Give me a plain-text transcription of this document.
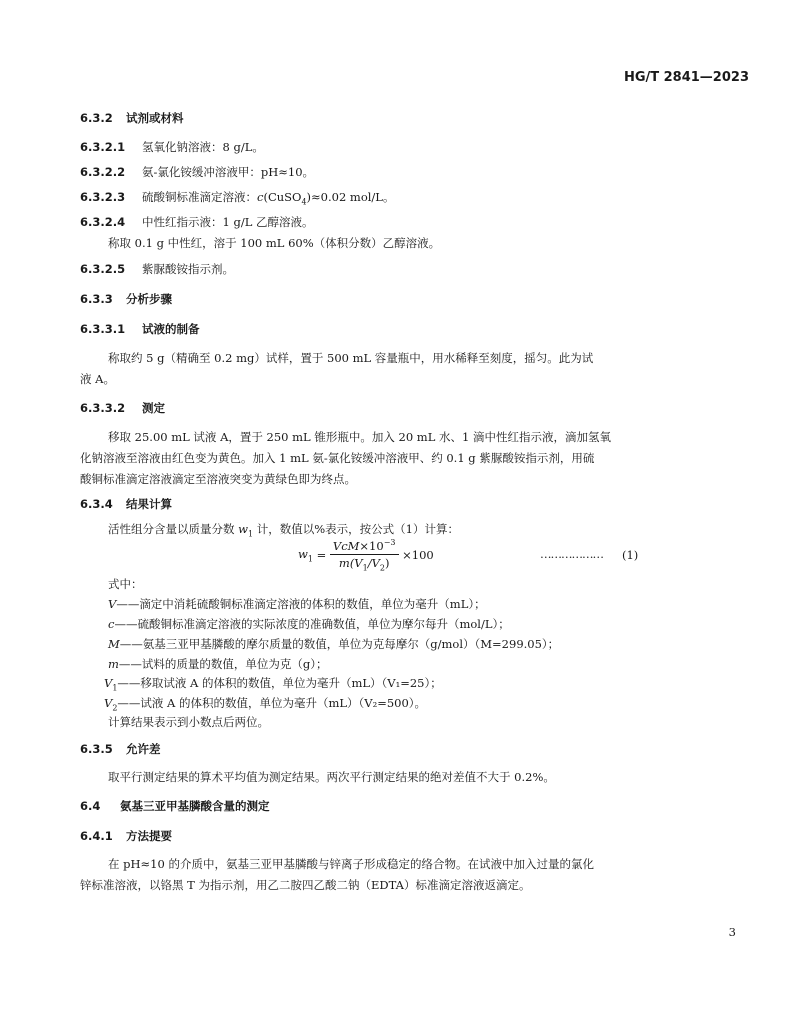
HG/T 2841—2023
6.3.2 试剂或材料
6.3.2.1 氢氧化钠溶液：8 g/L。
6.3.2.2 氨-氯化铵缓冲溶液甲：pH≈10。
6.3.2.3 硫酸铜标准滴定溶液：c(CuSO$_4$)≈0.02 mol/L。
6.3.2.4 中性红指示液：1 g/L 乙醇溶液。
称取 0.1 g 中性红，溶于 100 mL 60%（体积分数）乙醇溶液。
6.3.2.5 紫脲酸铵指示剂。
6.3.3 分析步骤
6.3.3.1 试液的制备
称取约 5 g（精确至 0.2 mg）试样，置于 500 mL 容量瓶中，用水稀释至刻度，摇匀。此为试
液 A。
6.3.3.2 测定
移取 25.00 mL 试液 A，置于 250 mL 锥形瓶中。加入 20 mL 水、1 滴中性红指示液，滴加氢氧
化钠溶液至溶液由红色变为黄色。加入 1 mL 氨-氯化铵缓冲溶液甲、约 0.1 g 紫脲酸铵指示剂，用硫
酸铜标准滴定溶液滴定至溶液突变为黄绿色即为终点。
6.3.4 结果计算
活性组分含量以质量分数 $w_1$ 计，数值以%表示，按公式（1）计算：
$w_1 = \frac{VcM\times 10^{-3}}{m(V_1/V_2)} \times 100$	……………… (1)
式中：
V——滴定中消耗硫酸铜标准滴定溶液的体积的数值，单位为毫升（mL）；
c——硫酸铜标准滴定溶液的实际浓度的准确数值，单位为摩尔每升（mol/L）；
M——氨基三亚甲基膦酸的摩尔质量的数值，单位为克每摩尔（g/mol）（M=299.05）；
m——试料的质量的数值，单位为克（g）；
$V_1——$移取试液 A 的体积的数值，单位为毫升（mL）（V₁=25）；
$V_2——$试液 A 的体积的数值，单位为毫升（mL）（V₂=500）。
计算结果表示到小数点后两位。
6.3.5 允许差
取平行测定结果的算术平均值为测定结果。两次平行测定结果的绝对差值不大于 0.2%。
6.4 氨基三亚甲基膦酸含量的测定
6.4.1 方法提要
在 pH≈10 的介质中，氨基三亚甲基膦酸与锌离子形成稳定的络合物。在试液中加入过量的氯化
锌标准溶液，以铬黑 T 为指示剂，用乙二胺四乙酸二钠（EDTA）标准滴定溶液返滴定。
3
